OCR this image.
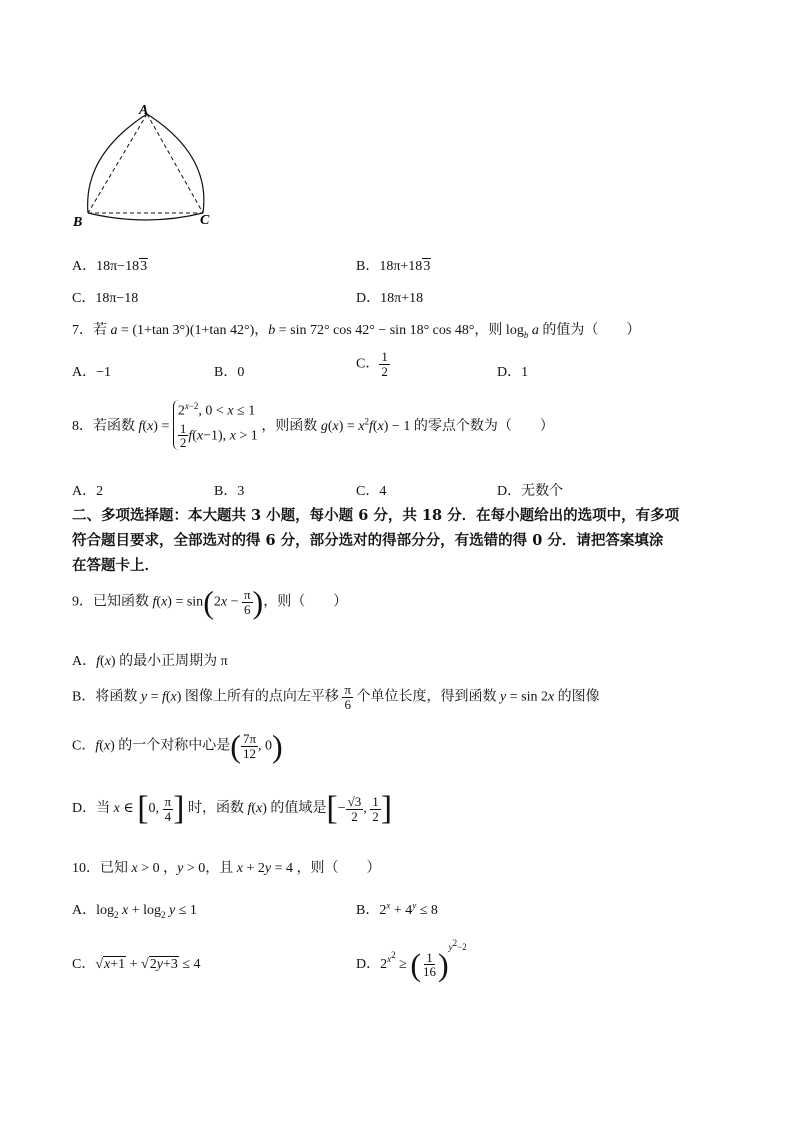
A
B	C
A．18π−183	B．18π+183
C．18π−18	D．18π+18
7．若 a = (1+tan 3°)(1+tan 42°)，b = sin 72° cos 42° − sin 18° cos 48°，则 $\log_b a$ 的值为（　　）
A．−1	B．0
C． $\frac{1}{2}$	D．1
8．若函数 f(x) =
$2^{x-2}$, 0 < x ≤ 1
$\frac{1}{2} f(x-1)$, x > 1
，则函数 $g(x) = x^2f(x) - 1$ 的零点个数为（　　）
A．2	B．3	C．4	D．无数个
二、多项选择题：本大题共 3 小题，每小题 6 分，共 18 分．在每小题给出的选项中，有多项
符合题目要求，全部选对的得 6 分，部分选对的得部分分，有选错的得 0 分．请把答案填涂
在答题卡上．
9．已知函数 $f(x) = \sin(2x - \frac{\pi}{6}$ )，则（　　）
A．f(x) 的最小正周期为 π
B．将函数 y = f(x) 图像上所有的点向左平移 $\frac{\pi}{6}$ 个单位长度，得到函数 y = sin 2x 的图像
C．f(x) 的一个对称中心是( $\frac{7\pi}{12}$ , 0)
D．当 x ∈ [0, $\frac{\pi}{4}$ ] 时，函数 f(x) 的值域是[− $\frac{√3}{2}$ , $\frac{1}{2}$ ]
10．已知 x > 0 ，y > 0，且 x + 2y = 4 ，则（　　）
A．$\log_2 x + \log_2 y \le 1$	B．$2^x + 4^y \le 8$
C．√x+1 + √2y+3 ≤ 4	D．$2^{x^2}$ ≥ ( $\frac{1}{16} )^{y^2-2}$
